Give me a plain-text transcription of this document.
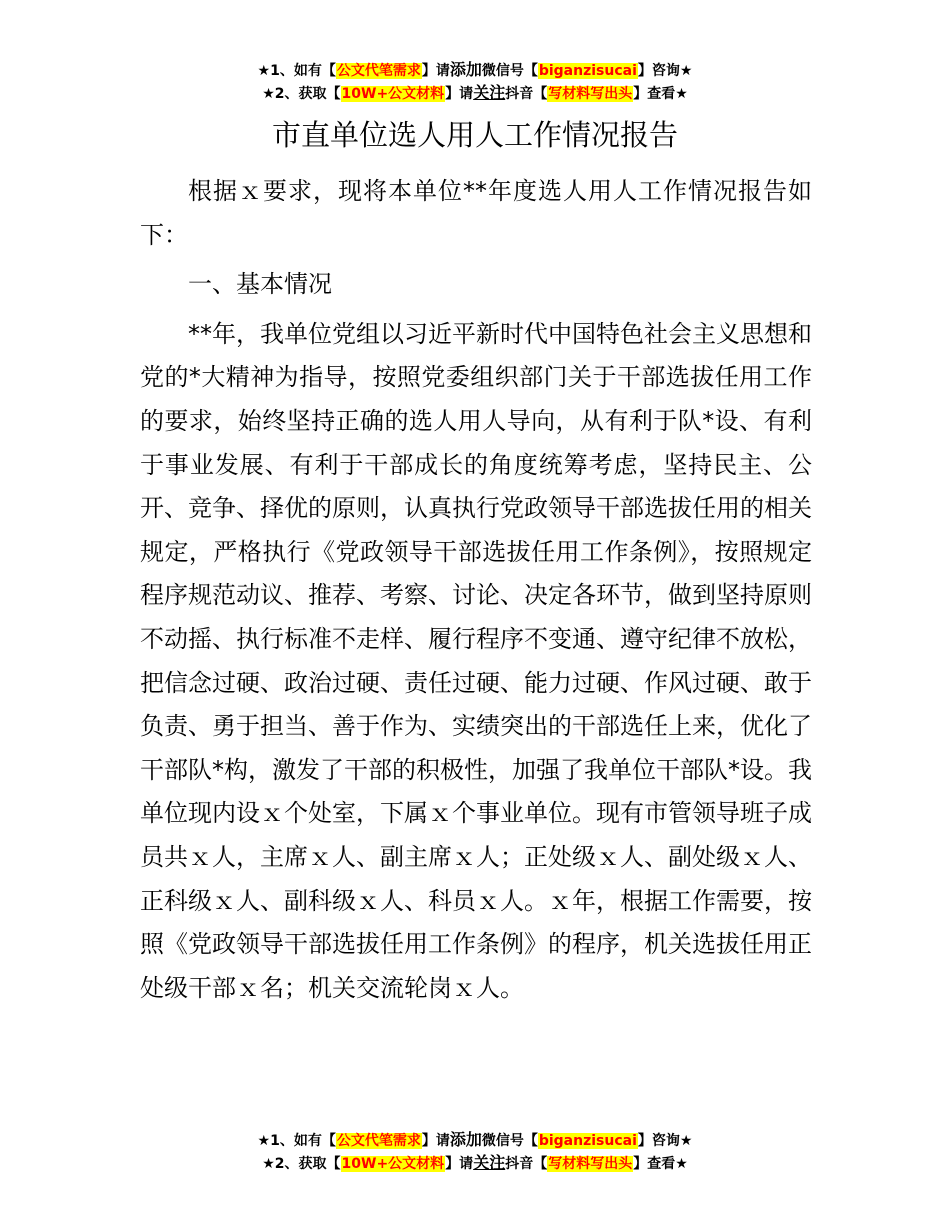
★1、如有【公文代笔需求】请添加微信号【biganzisucai】咨询★
★2、获取【10W+公文材料】请关注抖音【写材料写出头】查看★
市直单位选人用人工作情况报告

根据ｘ要求，现将本单位**年度选人用人工作情况报告如下：

一、基本情况

**年，我单位党组以习近平新时代中国特色社会主义思想和党的*大精神为指导，按照党委组织部门关于干部选拔任用工作的要求，始终坚持正确的选人用人导向，从有利于队*设、有利于事业发展、有利于干部成长的角度统筹考虑，坚持民主、公开、竞争、择优的原则，认真执行党政领导干部选拔任用的相关规定，严格执行《党政领导干部选拔任用工作条例》，按照规定程序规范动议、推荐、考察、讨论、决定各环节，做到坚持原则不动摇、执行标准不走样、履行程序不变通、遵守纪律不放松，把信念过硬、政治过硬、责任过硬、能力过硬、作风过硬、敢于负责、勇于担当、善于作为、实绩突出的干部选任上来，优化了干部队*构，激发了干部的积极性，加强了我单位干部队*设。我单位现内设ｘ个处室，下属ｘ个事业单位。现有市管领导班子成员共ｘ人，主席ｘ人、副主席ｘ人；正处级ｘ人、副处级ｘ人、正科级ｘ人、副科级ｘ人、科员ｘ人。ｘ年，根据工作需要，按照《党政领导干部选拔任用工作条例》的程序，机关选拔任用正处级干部ｘ名；机关交流轮岗ｘ人。

★1、如有【公文代笔需求】请添加微信号【biganzisucai】咨询★
★2、获取【10W+公文材料】请关注抖音【写材料写出头】查看★
